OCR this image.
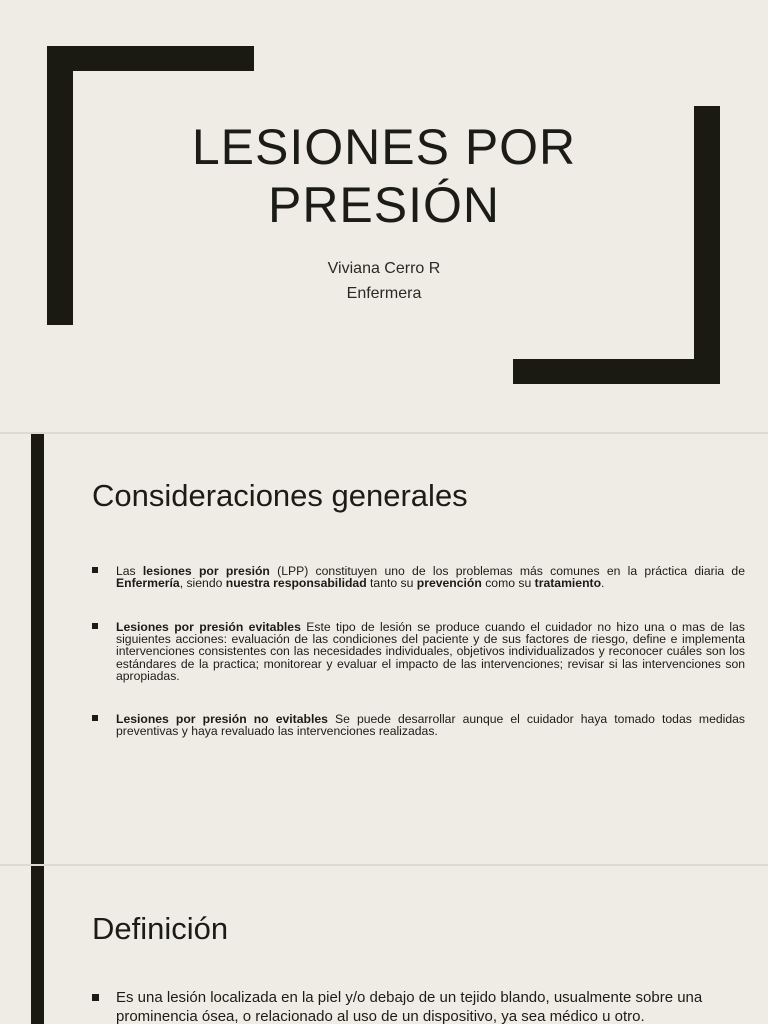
LESIONES POR
PRESIÓN
Viviana Cerro R
Enfermera
Consideraciones generales
Las lesiones por presión (LPP) constituyen uno de los problemas más comunes en la práctica diaria de Enfermería, siendo nuestra responsabilidad tanto su prevención como su tratamiento.
Lesiones por presión evitables Este tipo de lesión se produce cuando el cuidador no hizo una o mas de las siguientes acciones: evaluación de las condiciones del paciente y de sus factores de riesgo, define e implementa intervenciones consistentes con las necesidades individuales, objetivos individualizados y reconocer cuáles son los estándares de la practica; monitorear y evaluar el impacto de las intervenciones; revisar si las intervenciones son apropiadas.
Lesiones por presión no evitables Se puede desarrollar aunque el cuidador haya tomado todas medidas preventivas y haya revaluado las intervenciones realizadas.
Definición
Es una lesión localizada en la piel y/o debajo de un tejido blando, usualmente sobre una prominencia ósea, o relacionado al uso de un dispositivo, ya sea médico u otro.
